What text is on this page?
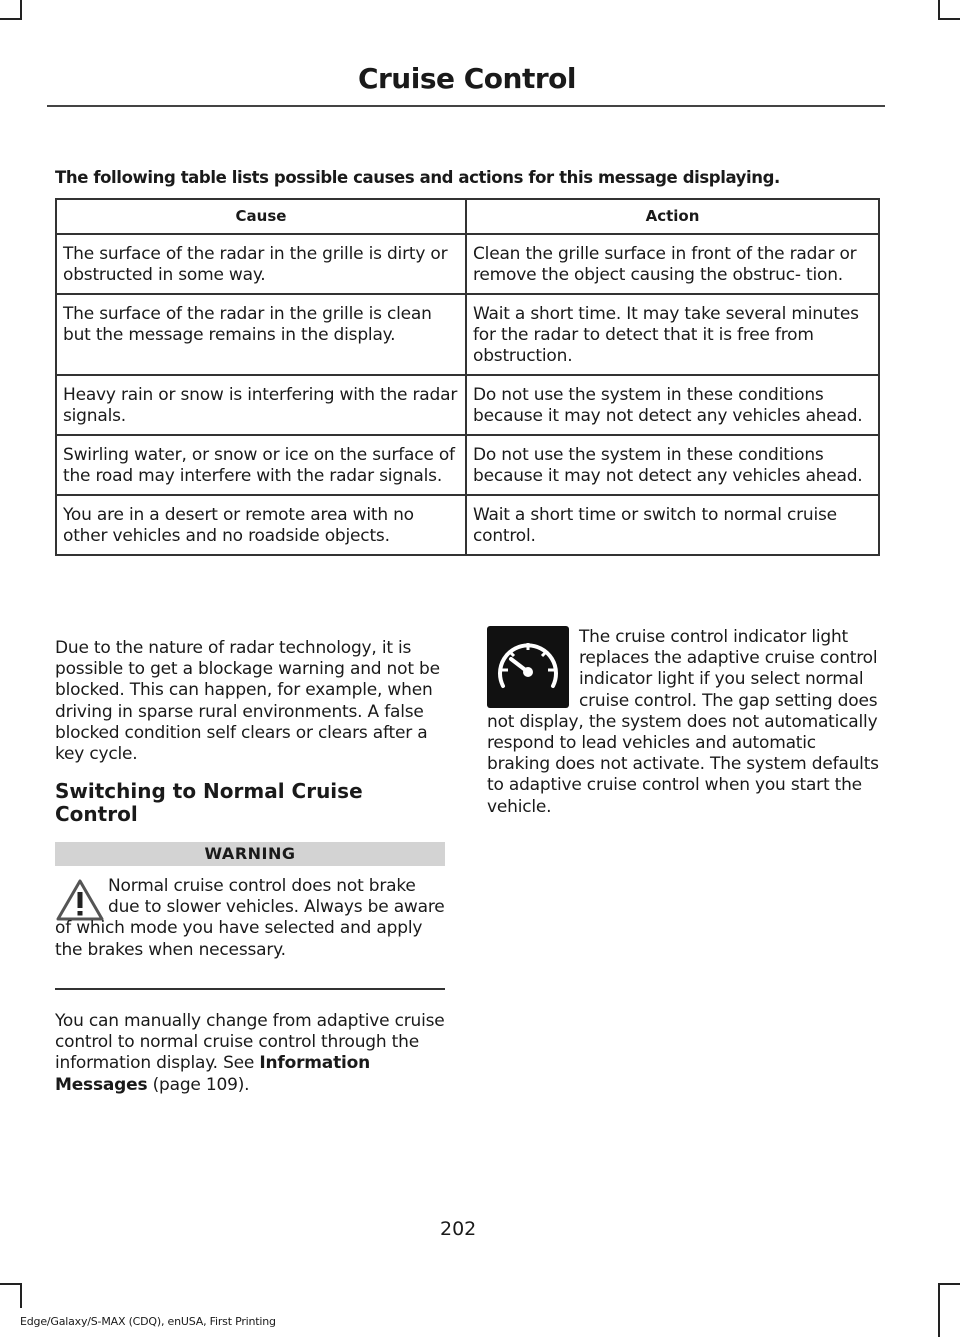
Cruise Control
The following table lists possible causes and actions for this message displaying.
Cause	Action
The surface of the radar in the grille is dirty or obstructed in some way.	Clean the grille surface in front of the radar or remove the object causing the obstruc- tion.
The surface of the radar in the grille is clean but the message remains in the display.	Wait a short time. It may take several minutes for the radar to detect that it is free from obstruction.
Heavy rain or snow is interfering with the radar signals.	Do not use the system in these conditions because it may not detect any vehicles ahead.
Swirling water, or snow or ice on the surface of the road may interfere with the radar signals.	Do not use the system in these conditions because it may not detect any vehicles ahead.
You are in a desert or remote area with no other vehicles and no roadside objects.	Wait a short time or switch to normal cruise control.
Due to the nature of radar technology, it is possible to get a blockage warning and not be blocked. This can happen, for example, when driving in sparse rural environments. A false blocked condition self clears or clears after a key cycle.
Switching to Normal Cruise Control
WARNING
Normal cruise control does not brake due to slower vehicles. Always be aware of which mode you have selected and apply the brakes when necessary.
You can manually change from adaptive cruise control to normal cruise control through the information display. See Information Messages (page 109).
The cruise control indicator light replaces the adaptive cruise control indicator light if you select normal cruise control. The gap setting does not display, the system does not automatically respond to lead vehicles and automatic braking does not activate. The system defaults to adaptive cruise control when you start the vehicle.
202
Edge/Galaxy/S-MAX (CDQ), enUSA, First Printing
